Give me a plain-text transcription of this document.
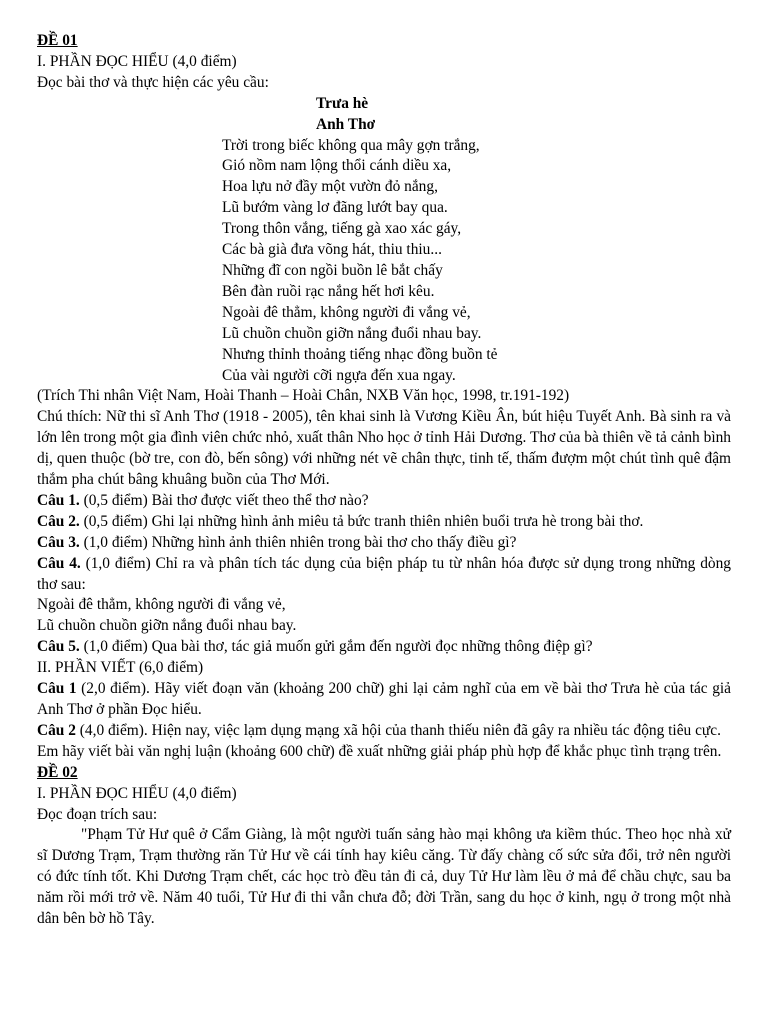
ĐỀ 01

I. PHẦN ĐỌC HIỂU (4,0 điểm)

Đọc bài thơ và thực hiện các yêu cầu:

Trưa hè

Anh Thơ

Trời trong biếc không qua mây gợn trắng,

Gió nồm nam lộng thổi cánh diều xa,

Hoa lựu nở đầy một vườn đỏ nắng,

Lũ bướm vàng lơ đãng lướt bay qua.

Trong thôn vắng, tiếng gà xao xác gáy,

Các bà già đưa võng hát, thiu thiu...

Những đĩ con ngồi buồn lê bắt chấy

Bên đàn ruồi rạc nắng hết hơi kêu.

Ngoài đê thẳm, không người đi vắng vẻ,

Lũ chuồn chuồn giỡn nắng đuổi nhau bay.

Nhưng thỉnh thoảng tiếng nhạc đồng buồn tẻ

Của vài người cỡi ngựa đến xua ngay.

(Trích Thi nhân Việt Nam, Hoài Thanh – Hoài Chân, NXB Văn học, 1998, tr.191-192)

Chú thích: Nữ thi sĩ Anh Thơ (1918 - 2005), tên khai sinh là Vương Kiều Ân, bút hiệu Tuyết Anh. Bà sinh ra và lớn lên trong một gia đình viên chức nhỏ, xuất thân Nho học ở tỉnh Hải Dương. Thơ của bà thiên về tả cảnh bình dị, quen thuộc (bờ tre, con đò, bến sông) với những nét vẽ chân thực, tinh tế, thấm đượm một chút tình quê đậm thắm pha chút bâng khuâng buồn của Thơ Mới.

Câu 1. (0,5 điểm) Bài thơ được viết theo thể thơ nào?

Câu 2. (0,5 điểm) Ghi lại những hình ảnh miêu tả bức tranh thiên nhiên buổi trưa hè trong bài thơ.

Câu 3. (1,0 điểm) Những hình ảnh thiên nhiên trong bài thơ cho thấy điều gì?

Câu 4. (1,0 điểm) Chỉ ra và phân tích tác dụng của biện pháp tu từ nhân hóa được sử dụng trong những dòng thơ sau:

Ngoài đê thẳm, không người đi vắng vẻ,

Lũ chuồn chuồn giỡn nắng đuổi nhau bay.

Câu 5. (1,0 điểm) Qua bài thơ, tác giả muốn gửi gắm đến người đọc những thông điệp gì?

II. PHẦN VIẾT (6,0 điểm)

Câu 1 (2,0 điểm). Hãy viết đoạn văn (khoảng 200 chữ) ghi lại cảm nghĩ của em về bài thơ Trưa hè của tác giả Anh Thơ ở phần Đọc hiểu.

Câu 2 (4,0 điểm). Hiện nay, việc lạm dụng mạng xã hội của thanh thiếu niên đã gây ra nhiều tác động tiêu cực.

Em hãy viết bài văn nghị luận (khoảng 600 chữ) đề xuất những giải pháp phù hợp để khắc phục tình trạng trên.

ĐỀ 02

I. PHẦN ĐỌC HIỂU (4,0 điểm)

Đọc đoạn trích sau:

"Phạm Tử Hư quê ở Cẩm Giàng, là một người tuấn sảng hào mại không ưa kiềm thúc. Theo học nhà xử sĩ Dương Trạm, Trạm thường răn Tử Hư về cái tính hay kiêu căng. Từ đấy chàng cố sức sửa đổi, trở nên người có đức tính tốt. Khi Dương Trạm chết, các học trò đều tản đi cả, duy Tử Hư làm lều ở mả để chầu chực, sau ba năm rồi mới trở về. Năm 40 tuổi, Tử Hư đi thi vẫn chưa đỗ; đời Trần, sang du học ở kinh, ngụ ở trong một nhà dân bên bờ hồ Tây.
